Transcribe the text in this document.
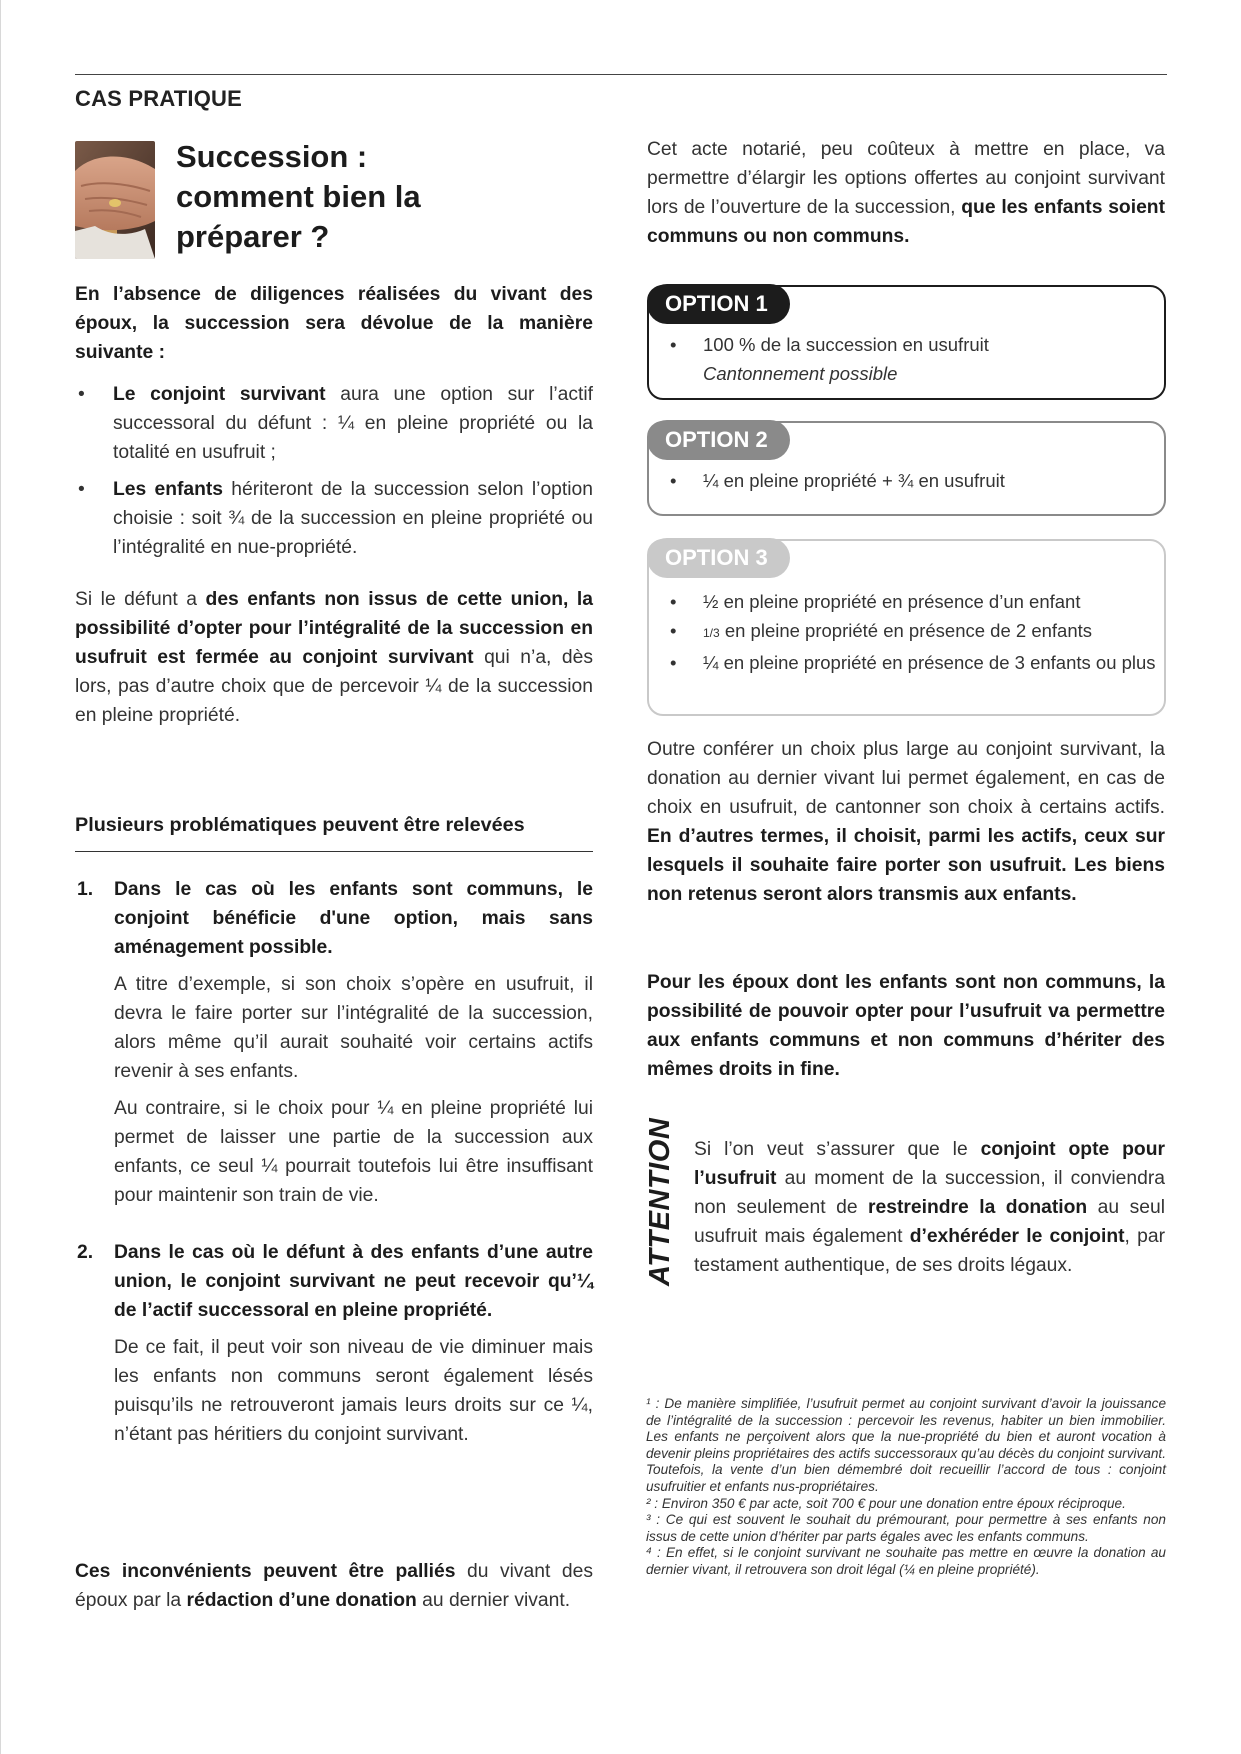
CAS PRATIQUE
Succession :
comment bien la
préparer ?
En l’absence de diligences réalisées du vivant des époux, la succession sera dévolue de la manière suivante :
• Le conjoint survivant aura une option sur l’actif successoral du défunt : ¼ en pleine propriété ou la totalité en usufruit ;
• Les enfants hériteront de la succession selon l’option choisie : soit ¾ de la succession en pleine propriété ou l’intégralité en nue-propriété.
Si le défunt a des enfants non issus de cette union, la possibilité d’opter pour l’intégralité de la succession en usufruit est fermée au conjoint survivant qui n’a, dès lors, pas d’autre choix que de percevoir ¼ de la succession en pleine propriété.
Plusieurs problématiques peuvent être relevées
1. Dans le cas où les enfants sont communs, le conjoint bénéficie d'une option, mais sans aménagement possible.

A titre d’exemple, si son choix s’opère en usufruit, il devra le faire porter sur l’intégralité de la succession, alors même qu’il aurait souhaité voir certains actifs revenir à ses enfants.

Au contraire, si le choix pour ¼ en pleine propriété lui permet de laisser une partie de la succession aux enfants, ce seul ¼ pourrait toutefois lui être insuffisant pour maintenir son train de vie.

2. Dans le cas où le défunt à des enfants d’une autre union, le conjoint survivant ne peut recevoir qu’¼ de l’actif successoral en pleine propriété.

De ce fait, il peut voir son niveau de vie diminuer mais les enfants non communs seront également lésés puisqu’ils ne retrouveront jamais leurs droits sur ce ¼, n’étant pas héritiers du conjoint survivant.

Ces inconvénients peuvent être palliés du vivant des époux par la rédaction d’une donation au dernier vivant.
Cet acte notarié, peu coûteux à mettre en place, va permettre d’élargir les options offertes au conjoint survivant lors de l’ouverture de la succession, que les enfants soient communs ou non communs.
OPTION 1
• 100 % de la succession en usufruit
Cantonnement possible
OPTION 2
• ¼ en pleine propriété + ¾ en usufruit
OPTION 3
• ½ en pleine propriété en présence d’un enfant
• 1/3 en pleine propriété en présence de 2 enfants
• ¼ en pleine propriété en présence de 3 enfants ou plus
Outre conférer un choix plus large au conjoint survivant, la donation au dernier vivant lui permet également, en cas de choix en usufruit, de cantonner son choix à certains actifs. En d’autres termes, il choisit, parmi les actifs, ceux sur lesquels il souhaite faire porter son usufruit. Les biens non retenus seront alors transmis aux enfants.
Pour les époux dont les enfants sont non communs, la possibilité de pouvoir opter pour l’usufruit va permettre aux enfants communs et non communs d’hériter des mêmes droits in fine.
ATTENTION Si l’on veut s’assurer que le conjoint opte pour l’usufruit au moment de la succession, il conviendra non seulement de restreindre la donation au seul usufruit mais également d’exhéréder le conjoint, par testament authentique, de ses droits légaux.

¹ : De manière simplifiée, l’usufruit permet au conjoint survivant d’avoir la jouissance de l’intégralité de la succession : percevoir les revenus, habiter un bien immobilier. Les enfants ne perçoivent alors que la nue-propriété du bien et auront vocation à devenir pleins propriétaires des actifs successoraux qu’au décès du conjoint survivant. Toutefois, la vente d’un bien démembré doit recueillir l’accord de tous : conjoint usufruitier et enfants nus-propriétaires.

² : Environ 350 € par acte, soit 700 € pour une donation entre époux réciproque.

³ : Ce qui est souvent le souhait du prémourant, pour permettre à ses enfants non issus de cette union d’hériter par parts égales avec les enfants communs.

⁴ : En effet, si le conjoint survivant ne souhaite pas mettre en œuvre la donation au dernier vivant, il retrouvera son droit légal (¼ en pleine propriété).
